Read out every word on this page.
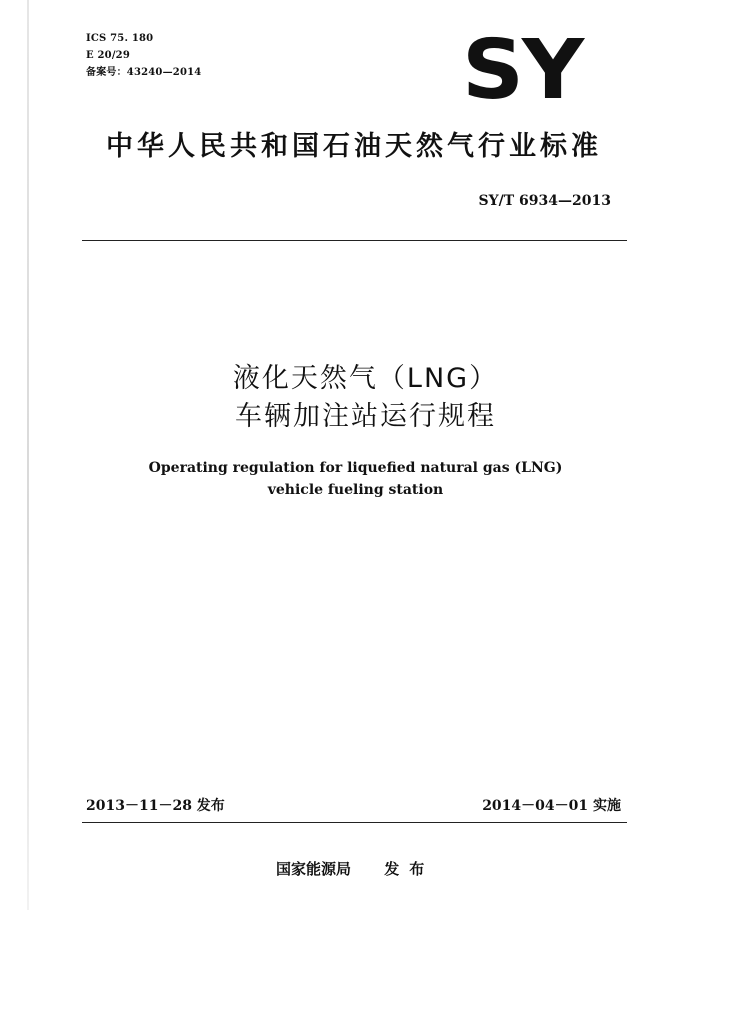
ICS 75. 180
E 20/29
备案号：43240—2014	SY
中华人民共和国石油天然气行业标准
SY/T 6934—2013
液化天然气（LNG）
车辆加注站运行规程
Operating regulation for liquefied natural gas (LNG)
vehicle fueling station
2013－11－28 发布	2014－04－01 实施
国家能源局 发布
